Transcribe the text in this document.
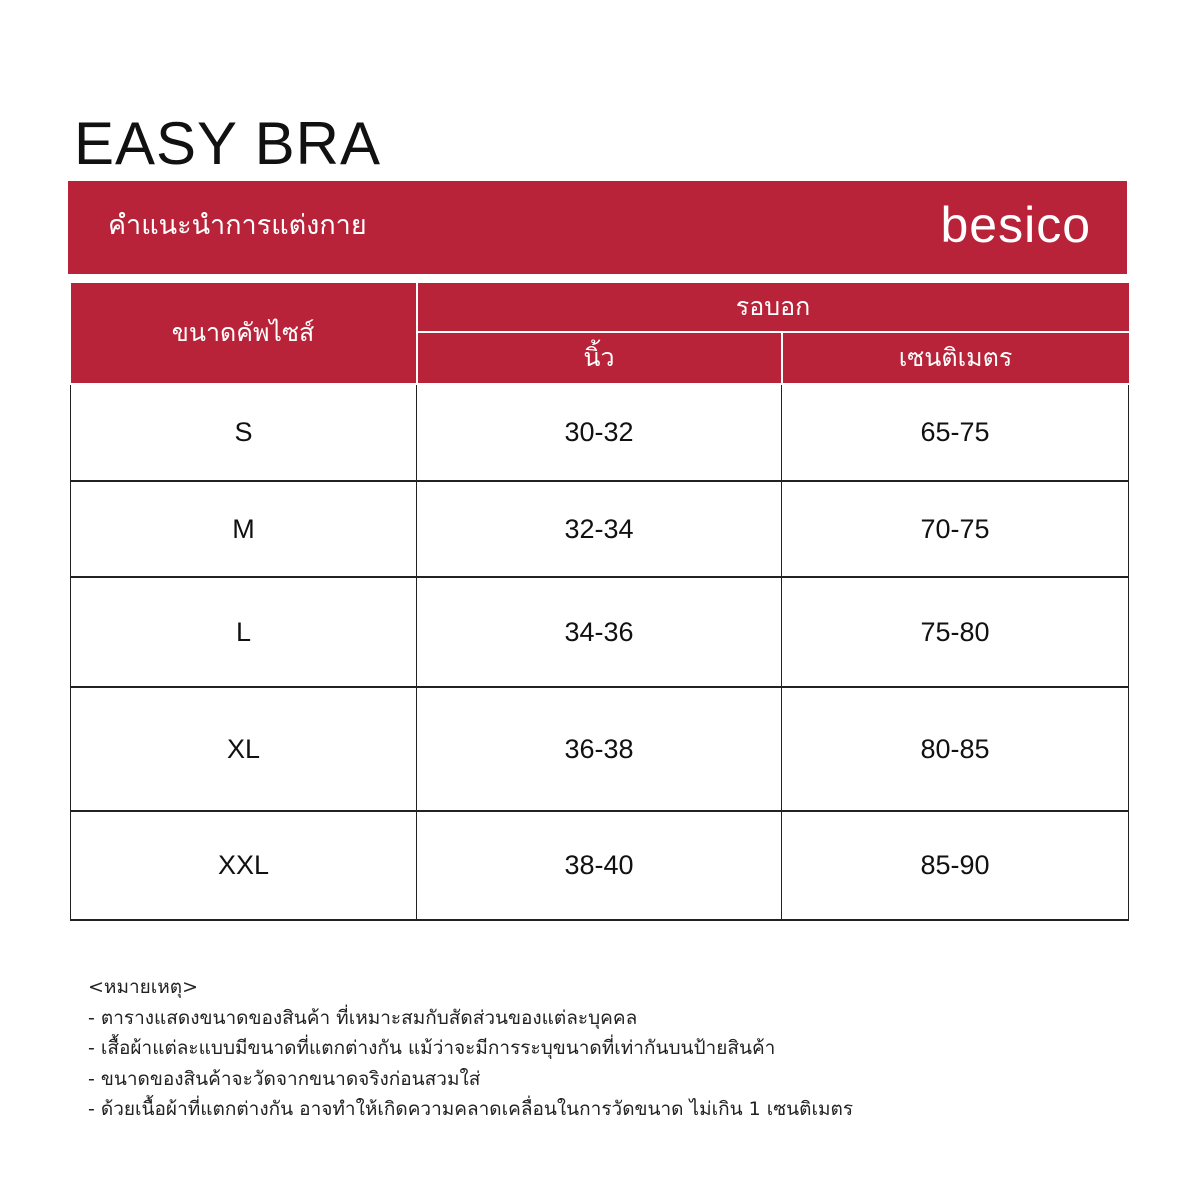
EASY BRA
คำแนะนำการแต่งกาย	besico
ขนาดคัพไซส์	รอบอก	
	นิ้ว	เซนติเมตร
S	30-32	65-75
M	32-34	70-75
L	34-36	75-80
XL	36-38	80-85
XXL	38-40	85-90
<หมายเหตุ>
- ตารางแสดงขนาดของสินค้า ที่เหมาะสมกับสัดส่วนของแต่ละบุคคล
- เสื้อผ้าแต่ละแบบมีขนาดที่แตกต่างกัน แม้ว่าจะมีการระบุขนาดที่เท่ากันบนป้ายสินค้า
- ขนาดของสินค้าจะวัดจากขนาดจริงก่อนสวมใส่
- ด้วยเนื้อผ้าที่แตกต่างกัน อาจทำให้เกิดความคลาดเคลื่อนในการวัดขนาด ไม่เกิน 1 เซนติเมตร
